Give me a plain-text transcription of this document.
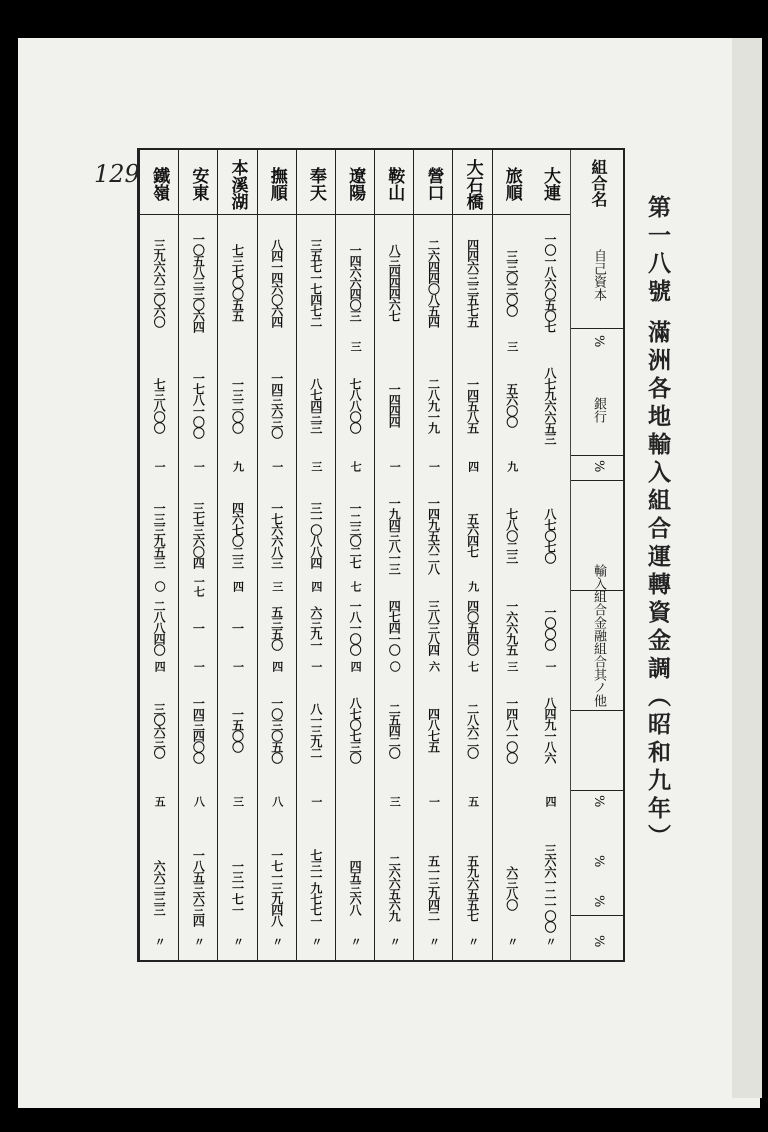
129
第一八號 滿洲各地輸入組合運轉資金調（昭和九年）
大連
一〇一八六〇五〇七
八七九六六五三
八七〇七〇
一〇〇〇
八四九一八六
三六六一二一〇〇
一
四
〃
旅順
三三〇三〇〇
五六〇〇
七八〇二三
一六六九五
一四八一〇〇
六三八〇
三
九
三
〃
大石橋
四四六三三五七五
一四五八五
五六四七
四〇五四〇
二八六二〇
五九六五五七
四
九
七
五
〃
營口
二六四四〇八五四
二八九一九
一四九五六二八
三八三八四
四八七五
五一三九四二
一
六
一
〃
鞍山
八三四四四六七
一四四四
一九四三八一三
四七四一〇
二五四二〇
二六六五六九
一
〇
三
〃
遼陽
一四六六四〇三
七八八〇〇
一二三〇二七
一八一〇〇
八七〇七三〇
四五三六八
三
七
七
四
〃
奉天
三五七一七四七二
八七四三三
三一〇八八四
六三九一
八一三九二
七三一九七七一
三
四
一
一
〃
撫順
八四一四六〇六四
一四三六三〇
一七六六八三
五三五〇
一〇三〇五〇
一七一三九四八
一
三
四
八
〃
本溪湖
七三七〇〇五五
一三二〇〇
四六七〇二三
一
一五〇〇
一三一七一
九
四
一
三
〃
安東
一〇五八三三〇六四
一七八一〇〇
三七三六〇四
一
一四三四〇〇
一八五三六三四
一
一七
一
八
〃
鐵嶺
三九六六三〇六〇
七三八〇〇
一三三九五三
二八八四〇
三〇六三〇
六六三三三
一
〇
四
五
〃
組合名
自己資本
%
銀行
%
輸入組合金融組合其ノ他
%
%
%
%
